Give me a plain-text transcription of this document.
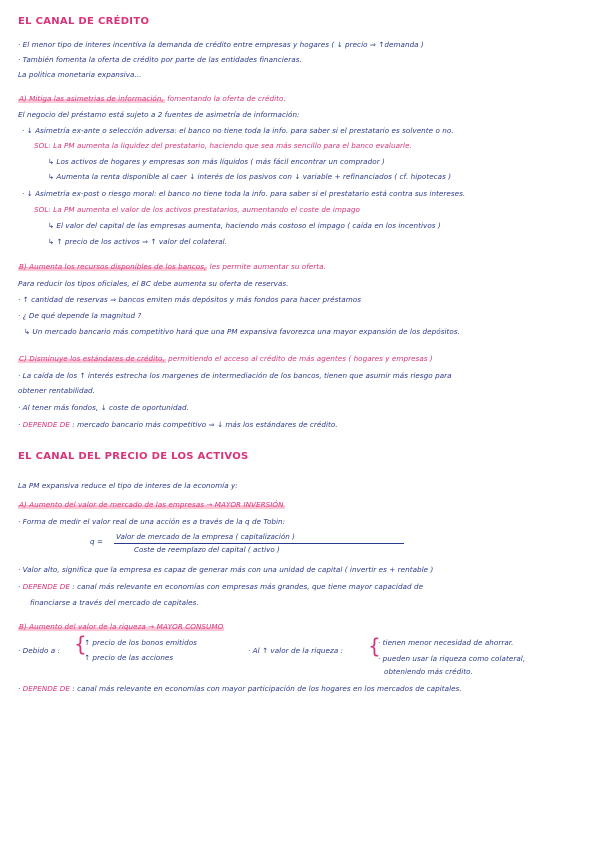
EL CANAL DE CRÉDITO
· El menor tipo de interes incentiva la demanda de crédito entre empresas y hogares ( ↓ precio ⇒ ↑demanda )
· También fomenta la oferta de crédito por parte de las entidades financieras.
La politica monetaria expansiva...
A) Mitiga las asimetrias de información, fomentando la oferta de crédito.
El negocio del préstamo está sujeto a 2 fuentes de asimetría de información:
· ↓ Asimetría ex-ante o selección adversa: el banco no tiene toda la info. para saber si el prestatario es solvente o no.
SOL: La PM aumenta la liquidez del prestatario, haciendo que sea más sencillo para el banco evaluarle.
↳ Los activos de hogares y empresas son más líquidos ( más fácil encontrar un comprador )
↳ Aumenta la renta disponible al caer ↓ interés de los pasivos con ↓ variable + refinanciados ( cf. hipotecas )
· ↓ Asimetría ex-post o riesgo moral: el banco no tiene toda la info. para saber si el prestatario está contra sus intereses.
SOL: La PM aumenta el valor de los activos prestatarios, aumentando el coste de impago
↳ El valor del capital de las empresas aumenta, haciendo más costoso el impago ( caída en los incentivos )
↳ ↑ precio de los activos ⇒ ↑ valor del colateral.
B) Aumenta los recursos disponibles de los bancos, les permite aumentar su oferta.
Para reducir los tipos oficiales, el BC debe aumenta su oferta de reservas.
· ↑ cantidad de reservas ⇒ bancos emiten más depósitos y más fondos para hacer préstamos
· ¿ De qué depende la magnitud ?
↳ Un mercado bancario más competitivo hará que una PM expansiva favorezca una mayor expansión de los depósitos.
C) Disminuye los estándares de crédito, permitiendo el acceso al crédito de más agentes ( hogares y empresas )
· La caída de los ↑ interés estrecha los margenes de intermediación de los bancos, tienen que asumir más riesgo para
obtener rentabilidad.
· Al tener más fondos, ↓ coste de oportunidad.
· DEPENDE DE : mercado bancario más competitivo ⇒ ↓ más los estándares de crédito.
EL CANAL DEL PRECIO DE LOS ACTIVOS
La PM expansiva reduce el tipo de interes de la economía y:
A) Aumento del valor de mercado de las empresas → MAYOR INVERSIÓN
· Forma de medir el valor real de una acción es a través de la q de Tobin:
q =
Valor de mercado de la empresa ( capitalización )
Coste de reemplazo del capital ( activo )
· Valor alto, significa que la empresa es capaz de generar más con una unidad de capital ( invertir es + rentable )
· DEPENDE DE : canal más relevante en economías con empresas más grandes, que tiene mayor capacidad de
financiarse a través del mercado de capitales.
B) Aumento del valor de la riqueza → MAYOR CONSUMO
· Debido a : {
↑ precio de los bonos emitidos
↑ precio de las acciones
· Al ↑ valor de la riqueza :	{
· tienen menor necesidad de ahorrar.
· pueden usar la riqueza como colateral,
obteniendo más crédito.
· DEPENDE DE : canal más relevante en economías con mayor participación de los hogares en los mercados de capitales.
